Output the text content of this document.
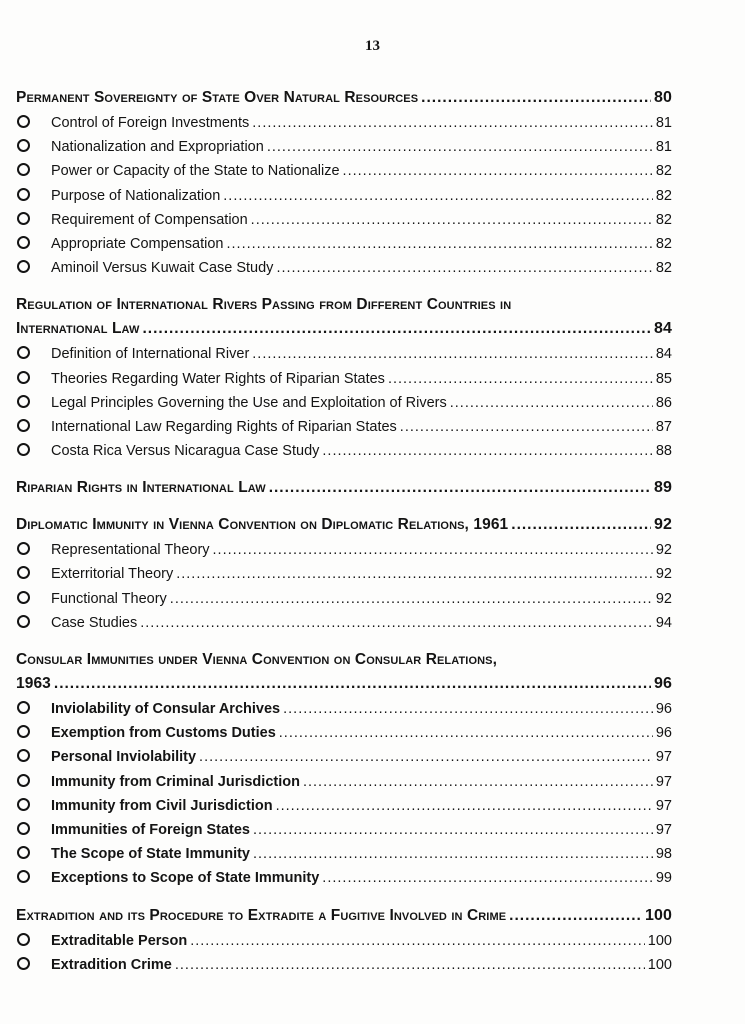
13
Permanent Sovereignty of State Over Natural Resources .....	80
Control of Foreign Investments .....	81
Nationalization and Expropriation .....	81
Power or Capacity of the State to Nationalize .....	82
Purpose of Nationalization .....	82
Requirement of Compensation .....	82
Appropriate Compensation .....	82
Aminoil Versus Kuwait Case Study .....	82
Regulation of International Rivers Passing from Different Countries in
International Law .....	84
Definition of International River .....	84
Theories Regarding Water Rights of Riparian States .....	85
Legal Principles Governing the Use and Exploitation of Rivers .....	86
International Law Regarding Rights of Riparian States .....	87
Costa Rica Versus Nicaragua Case Study .....	88
Riparian Rights in International Law .....	89
Diplomatic Immunity in Vienna Convention on Diplomatic Relations, 1961 .....	92
Representational Theory .....	92
Exterritorial Theory .....	92
Functional Theory .....	92
Case Studies .....	94
Consular Immunities under Vienna Convention on Consular Relations,
1963 .....	96
Inviolability of Consular Archives .....	96
Exemption from Customs Duties .....	96
Personal Inviolability .....	97
Immunity from Criminal Jurisdiction .....	97
Immunity from Civil Jurisdiction .....	97
Immunities of Foreign States .....	97
The Scope of State Immunity .....	98
Exceptions to Scope of State Immunity .....	99
Extradition and its Procedure to Extradite a Fugitive Involved in Crime .....	100
Extraditable Person .....	100
Extradition Crime .....	100
